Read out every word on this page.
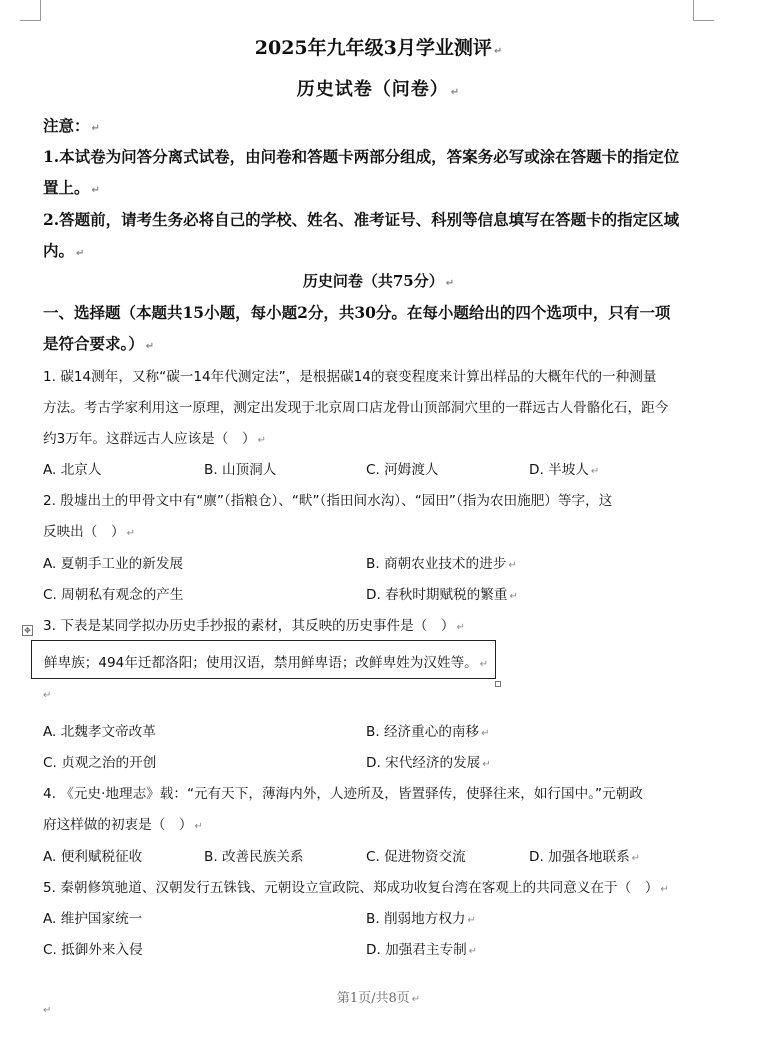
2025年九年级3月学业测评 ↵
历史试卷（问卷） ↵
注意： ↵
1.本试卷为问答分离式试卷，由问卷和答题卡两部分组成，答案务必写或涂在答题卡的指定位
置上。 ↵
2.答题前，请考生务必将自己的学校、姓名、准考证号、科别等信息填写在答题卡的指定区域
内。 ↵
历史问卷（共75分） ↵
一、选择题（本题共15小题，每小题2分，共30分。在每小题给出的四个选项中，只有一项
是符合要求。） ↵
1. 碳14测年，又称“碳一14年代测定法”，是根据碳14的衰变程度来计算出样品的大概年代的一种测量
方法。考古学家利用这一原理，测定出发现于北京周口店龙骨山顶部洞穴里的一群远古人骨骼化石，距今
约3万年。这群远古人应该是（　） ↵
A. 北京人	B. 山顶洞人	C. 河姆渡人	D. 半坡人 ↵
2. 殷墟出土的甲骨文中有“廪”（指粮仓）、“畎”（指田间水沟）、“园田”（指为农田施肥）等字，这
反映出（　） ↵
A. 夏朝手工业的新发展	B. 商朝农业技术的进步 ↵
C. 周朝私有观念的产生	D. 春秋时期赋税的繁重 ↵
3. 下表是某同学拟办历史手抄报的素材，其反映的历史事件是（　） ↵
✥
鲜卑族；494年迁都洛阳；使用汉语，禁用鲜卑语；改鲜卑姓为汉姓等。 ↵
↵
A. 北魏孝文帝改革	B. 经济重心的南移 ↵
C. 贞观之治的开创	D. 宋代经济的发展 ↵
4. 《元史·地理志》载：“元有天下，薄海内外，人迹所及，皆置驿传，使驿往来，如行国中。”元朝政
府这样做的初衷是（　） ↵
A. 便利赋税征收	B. 改善民族关系	C. 促进物资交流	D. 加强各地联系 ↵
5. 秦朝修筑驰道、汉朝发行五铢钱、元朝设立宣政院、郑成功收复台湾在客观上的共同意义在于（　） ↵
A. 维护国家统一	B. 削弱地方权力 ↵
C. 抵御外来入侵	D. 加强君主专制 ↵
第1页/共8页 ↵
↵
